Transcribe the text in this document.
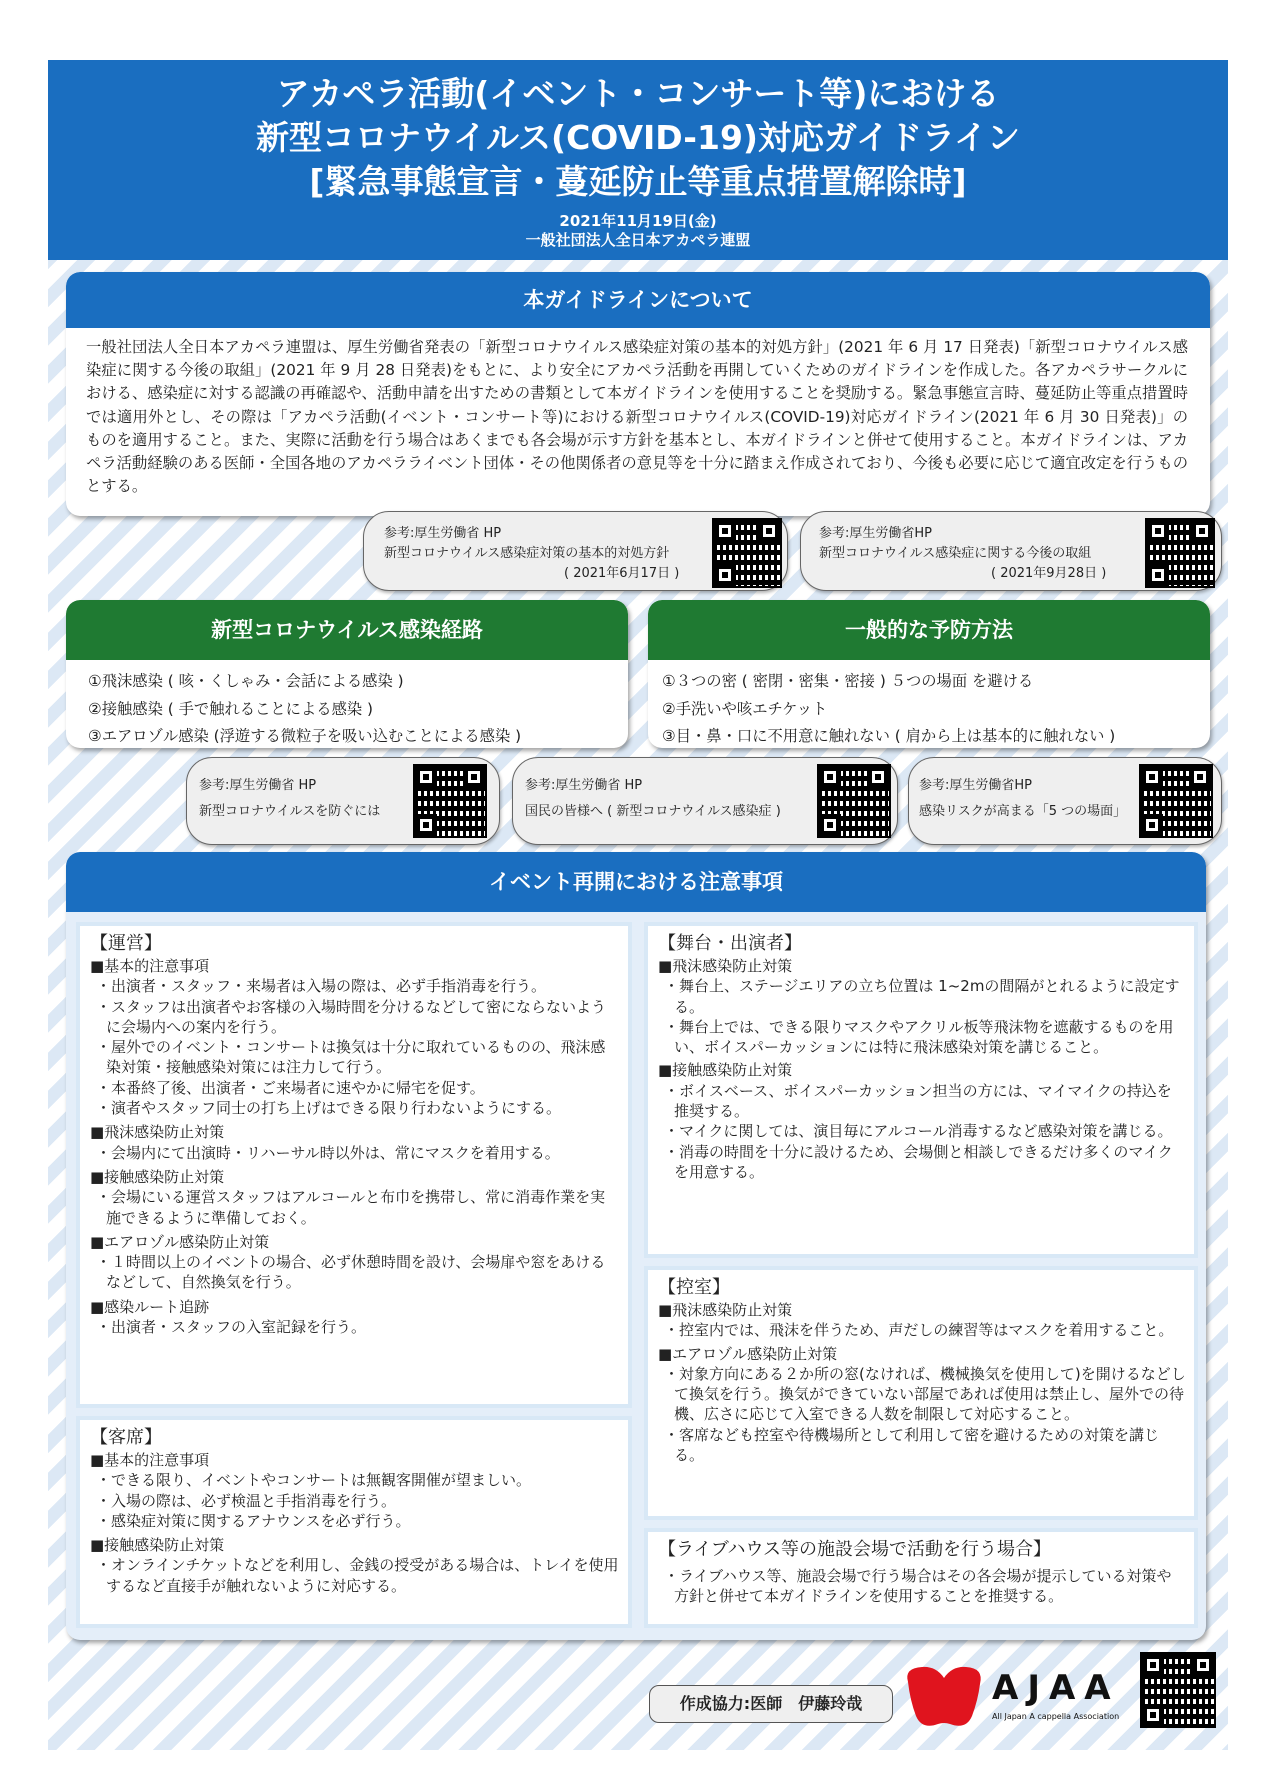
アカペラ活動(イベント・コンサート等)における
新型コロナウイルス(COVID-19)対応ガイドライン
[緊急事態宣言・蔓延防止等重点措置解除時]
2021年11月19日(金)
一般社団法人全日本アカペラ連盟
本ガイドラインについて
一般社団法人全日本アカペラ連盟は、厚生労働省発表の「新型コロナウイルス感染症対策の基本的対処方針」(2021 年 6 月 17 日発表)「新型コロナウイルス感染症に関する今後の取組」(2021 年 9 月 28 日発表)をもとに、より安全にアカペラ活動を再開していくためのガイドラインを作成した。各アカペラサークルにおける、感染症に対する認識の再確認や、活動申請を出すための書類として本ガイドラインを使用することを奨励する。緊急事態宣言時、蔓延防止等重点措置時では適用外とし、その際は「アカペラ活動(イベント・コンサート等)における新型コロナウイルス(COVID-19)対応ガイドライン(2021 年 6 月 30 日発表)」のものを適用すること。また、実際に活動を行う場合はあくまでも各会場が示す方針を基本とし、本ガイドラインと併せて使用すること。本ガイドラインは、アカペラ活動経験のある医師・全国各地のアカペラライベント団体・その他関係者の意見等を十分に踏まえ作成されており、今後も必要に応じて適宜改定を行うものとする。
参考:厚生労働省 HP
新型コロナウイルス感染症対策の基本的対処方針
( 2021年6月17日 )
参考:厚生労働省HP
新型コロナウイルス感染症に関する今後の取組
( 2021年9月28日 )
新型コロナウイルス感染経路
①飛沫感染 ( 咳・くしゃみ・会話による感染 )
②接触感染 ( 手で触れることによる感染 )
③エアロゾル感染 (浮遊する微粒子を吸い込むことによる感染 )
一般的な予防方法
①３つの密 ( 密閉・密集・密接 ) ５つの場面 を避ける
②手洗いや咳エチケット
③目・鼻・口に不用意に触れない ( 肩から上は基本的に触れない )
参考:厚生労働省 HP
新型コロナウイルスを防ぐには
参考:厚生労働省 HP
国民の皆様へ ( 新型コロナウイルス感染症 )
参考:厚生労働省HP
感染リスクが高まる「5 つの場面」
イベント再開における注意事項
【運営】
■基本的注意事項
・出演者・スタッフ・来場者は入場の際は、必ず手指消毒を行う。
・スタッフは出演者やお客様の入場時間を分けるなどして密にならないように会場内への案内を行う。
・屋外でのイベント・コンサートは換気は十分に取れているものの、飛沫感染対策・接触感染対策には注力して行う。
・本番終了後、出演者・ご来場者に速やかに帰宅を促す。
・演者やスタッフ同士の打ち上げはできる限り行わないようにする。
■飛沫感染防止対策
・会場内にて出演時・リハーサル時以外は、常にマスクを着用する。
■接触感染防止対策
・会場にいる運営スタッフはアルコールと布巾を携帯し、常に消毒作業を実施できるように準備しておく。
■エアロゾル感染防止対策
・１時間以上のイベントの場合、必ず休憩時間を設け、会場扉や窓をあけるなどして、自然換気を行う。
■感染ルート追跡
・出演者・スタッフの入室記録を行う。
【客席】
■基本的注意事項
・できる限り、イベントやコンサートは無観客開催が望ましい。
・入場の際は、必ず検温と手指消毒を行う。
・感染症対策に関するアナウンスを必ず行う。
■接触感染防止対策
・オンラインチケットなどを利用し、金銭の授受がある場合は、トレイを使用するなど直接手が触れないように対応する。
【舞台・出演者】
■飛沫感染防止対策
・舞台上、ステージエリアの立ち位置は 1~2mの間隔がとれるように設定する。
・舞台上では、できる限りマスクやアクリル板等飛沫物を遮蔽するものを用い、ボイスパーカッションには特に飛沫感染対策を講じること。
■接触感染防止対策
・ボイスベース、ボイスパーカッション担当の方には、マイマイクの持込を推奨する。
・マイクに関しては、演目毎にアルコール消毒するなど感染対策を講じる。
・消毒の時間を十分に設けるため、会場側と相談しできるだけ多くのマイクを用意する。
【控室】
■飛沫感染防止対策
・控室内では、飛沫を伴うため、声だしの練習等はマスクを着用すること。
■エアロゾル感染防止対策
・対象方向にある２か所の窓(なければ、機械換気を使用して)を開けるなどして換気を行う。換気ができていない部屋であれば使用は禁止し、屋外での待機、広さに応じて入室できる人数を制限して対応すること。
・客席なども控室や待機場所として利用して密を避けるための対策を講じる。
【ライブハウス等の施設会場で活動を行う場合】
・ライブハウス等、施設会場で行う場合はその各会場が提示している対策や方針と併せて本ガイドラインを使用することを推奨する。
作成協力:医師　伊藤玲哉	AJAA
All Japan A cappella Association
